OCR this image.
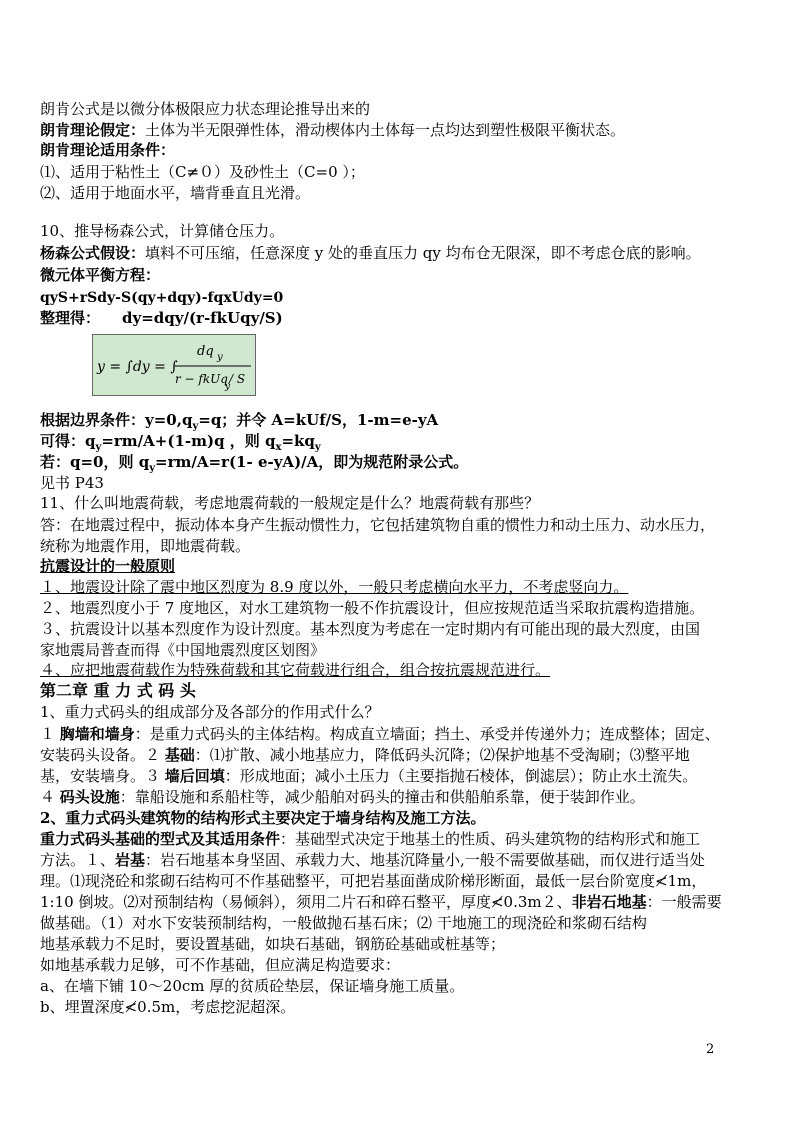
朗肯公式是以微分体极限应力状态理论推导出来的
朗肯理论假定：土体为半无限弹性体，滑动楔体内土体每一点均达到塑性极限平衡状态。
朗肯理论适用条件：
⑴、适用于粘性土（C≠０）及砂性土（C=0 ）；
⑵、适用于地面水平，墙背垂直且光滑。
10、推导杨森公式，计算储仓压力。
杨森公式假设：填料不可压缩，任意深度 y 处的垂直压力 qy 均布仓无限深，即不考虑仓底的影响。
微元体平衡方程：
qyS+rSdy-S(qy+dqy)-fqxUdy=0
整理得： dy=dqy/(r-fkUqy/S)
y = ∫dy = ∫
dq y
r − fkUq
y
/ S
根据边界条件：$y=0,q_y=q$；并令 A=kUf/S，1-m=e-yA
可得：$q_y=rm/A+(1-m)q$ ，则 $q_x=kq_y$
若：q=0，则 $q_y=rm/A=r(1-$ e-yA)/A，即为规范附录公式。
见书 P43
11、什么叫地震荷载，考虑地震荷载的一般规定是什么？地震荷载有那些？
答：在地震过程中，振动体本身产生振动惯性力，它包括建筑物自重的惯性力和动土压力、动水压力，
统称为地震作用，即地震荷载。
抗震设计的一般原则
１、地震设计除了震中地区烈度为 8.9 度以外，一般只考虑横向水平力，不考虑竖向力。
２、地震烈度小于 7 度地区，对水工建筑物一般不作抗震设计，但应按规范适当采取抗震构造措施。
３、抗震设计以基本烈度作为设计烈度。基本烈度为考虑在一定时期内有可能出现的最大烈度，由国
家地震局普查而得《中国地震烈度区划图》
４、应把地震荷载作为特殊荷载和其它荷载进行组合，组合按抗震规范进行。
第二章 重 力 式 码 头
1、重力式码头的组成部分及各部分的作用式什么？
１ 胸墙和墙身：是重力式码头的主体结构。构成直立墙面；挡土、承受并传递外力；连成整体；固定、
安装码头设备。２ 基础：⑴扩散、减小地基应力，降低码头沉降；⑵保护地基不受淘刷；⑶整平地
基，安装墙身。３ 墙后回填：形成地面；减小土压力（主要指抛石棱体，倒滤层）；防止水土流失。
４ 码头设施：靠船设施和系船柱等，减少船舶对码头的撞击和供船舶系靠，便于装卸作业。
2、重力式码头建筑物的结构形式主要决定于墙身结构及施工方法。
重力式码头基础的型式及其适用条件：基础型式决定于地基土的性质、码头建筑物的结构形式和施工
方法。１、岩基：岩石地基本身坚固、承载力大、地基沉降量小,一般不需要做基础，而仅进行适当处
理。⑴现浇砼和浆砌石结构可不作基础整平，可把岩基面凿成阶梯形断面，最低一层台阶宽度≮1m，
1:10 倒坡。⑵对预制结构（易倾斜），须用二片石和碎石整平，厚度≮0.3m２、非岩石地基：一般需要
做基础。（1）对水下安装预制结构，一般做抛石基石床；⑵ 干地施工的现浇砼和浆砌石结构
地基承载力不足时，要设置基础，如块石基础，钢筋砼基础或桩基等；
如地基承载力足够，可不作基础，但应满足构造要求：
a、在墙下铺 10～20cm 厚的贫质砼垫层，保证墙身施工质量。
b、埋置深度≮0.5m，考虑挖泥超深。
2
